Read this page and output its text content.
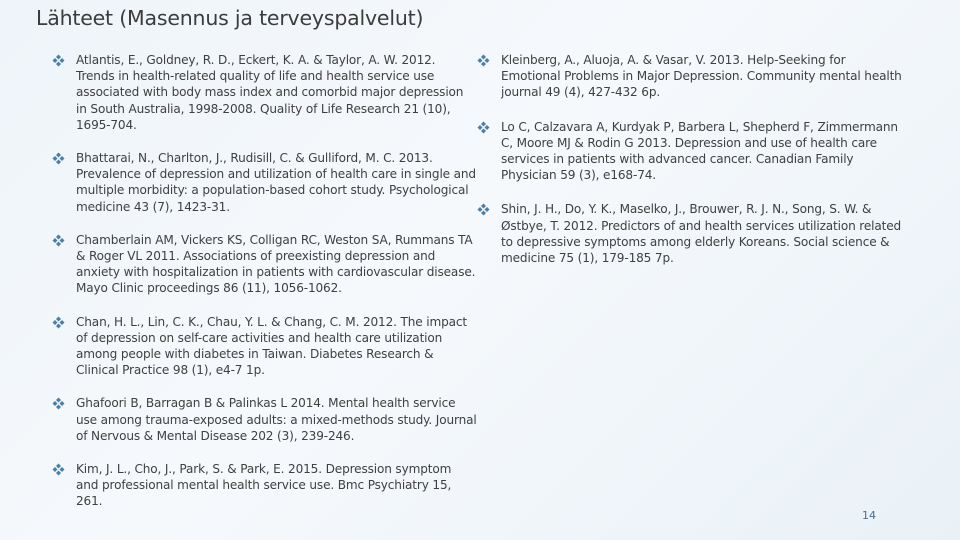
Lähteet (Masennus ja terveyspalvelut)
Atlantis, E., Goldney, R. D., Eckert, K. A. & Taylor, A. W. 2012. Trends in health-related quality of life and health service use associated with body mass index and comorbid major depression in South Australia, 1998-2008. Quality of Life Research 21 (10), 1695-704.
Bhattarai, N., Charlton, J., Rudisill, C. & Gulliford, M. C. 2013. Prevalence of depression and utilization of health care in single and multiple morbidity: a population-based cohort study. Psychological medicine 43 (7), 1423-31.
Chamberlain AM, Vickers KS, Colligan RC, Weston SA, Rummans TA & Roger VL 2011. Associations of preexisting depression and anxiety with hospitalization in patients with cardiovascular disease. Mayo Clinic proceedings 86 (11), 1056-1062.
Chan, H. L., Lin, C. K., Chau, Y. L. & Chang, C. M. 2012. The impact of depression on self-care activities and health care utilization among people with diabetes in Taiwan. Diabetes Research & Clinical Practice 98 (1), e4-7 1p.
Ghafoori B, Barragan B & Palinkas L 2014. Mental health service use among trauma-exposed adults: a mixed-methods study. Journal of Nervous & Mental Disease 202 (3), 239-246.
Kim, J. L., Cho, J., Park, S. & Park, E. 2015. Depression symptom and professional mental health service use. Bmc Psychiatry 15, 261.
Kleinberg, A., Aluoja, A. & Vasar, V. 2013. Help-Seeking for Emotional Problems in Major Depression. Community mental health journal 49 (4), 427-432 6p.
Lo C, Calzavara A, Kurdyak P, Barbera L, Shepherd F, Zimmermann C, Moore MJ & Rodin G 2013. Depression and use of health care services in patients with advanced cancer. Canadian Family Physician 59 (3), e168-74.
Shin, J. H., Do, Y. K., Maselko, J., Brouwer, R. J. N., Song, S. W. & Østbye, T. 2012. Predictors of and health services utilization related to depressive symptoms among elderly Koreans. Social science & medicine 75 (1), 179-185 7p.
14
